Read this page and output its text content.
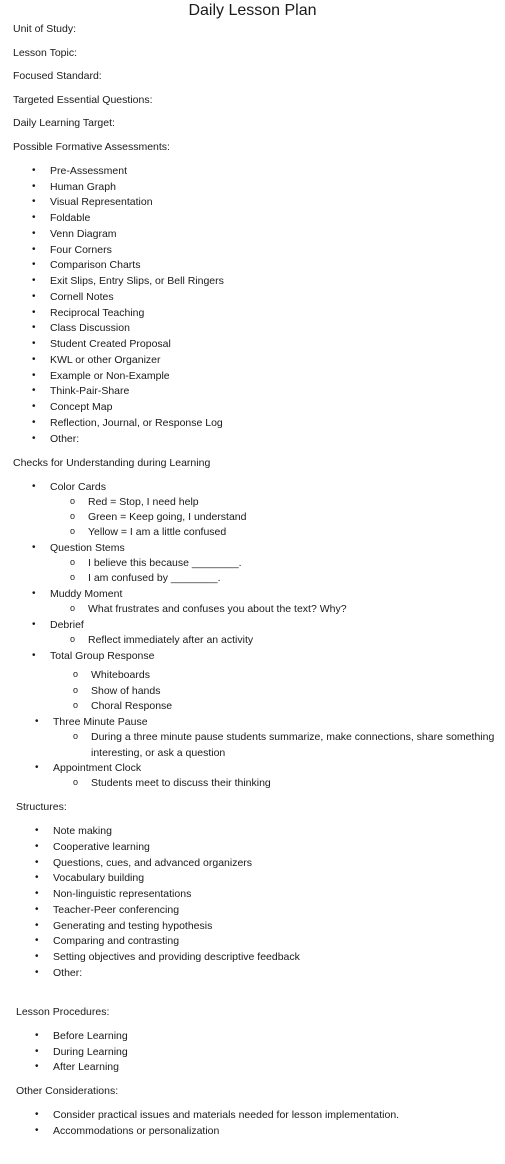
Daily Lesson Plan
Unit of Study:
Lesson Topic:
Focused Standard:
Targeted Essential Questions:
Daily Learning Target:
Possible Formative Assessments:
• Pre-Assessment
• Human Graph
• Visual Representation
• Foldable
• Venn Diagram
• Four Corners
• Comparison Charts
• Exit Slips, Entry Slips, or Bell Ringers
• Cornell Notes
• Reciprocal Teaching
• Class Discussion
• Student Created Proposal
• KWL or other Organizer
• Example or Non-Example
• Think-Pair-Share
• Concept Map
• Reflection, Journal, or Response Log
• Other:
Checks for Understanding during Learning
• Color Cards
o Red = Stop, I need help
o Green = Keep going, I understand
o Yellow = I am a little confused
• Question Stems
o I believe this because ________.
o I am confused by ________.
• Muddy Moment
o What frustrates and confuses you about the text? Why?
• Debrief
o Reflect immediately after an activity
• Total Group Response
o Whiteboards
o Show of hands
o Choral Response
• Three Minute Pause
o During a three minute pause students summarize, make connections, share something interesting, or ask a question
• Appointment Clock
o Students meet to discuss their thinking
Structures:
• Note making
• Cooperative learning
• Questions, cues, and advanced organizers
• Vocabulary building
• Non-linguistic representations
• Teacher-Peer conferencing
• Generating and testing hypothesis
• Comparing and contrasting
• Setting objectives and providing descriptive feedback
• Other:
Lesson Procedures:
• Before Learning
• During Learning
• After Learning
Other Considerations:
• Consider practical issues and materials needed for lesson implementation.
• Accommodations or personalization
